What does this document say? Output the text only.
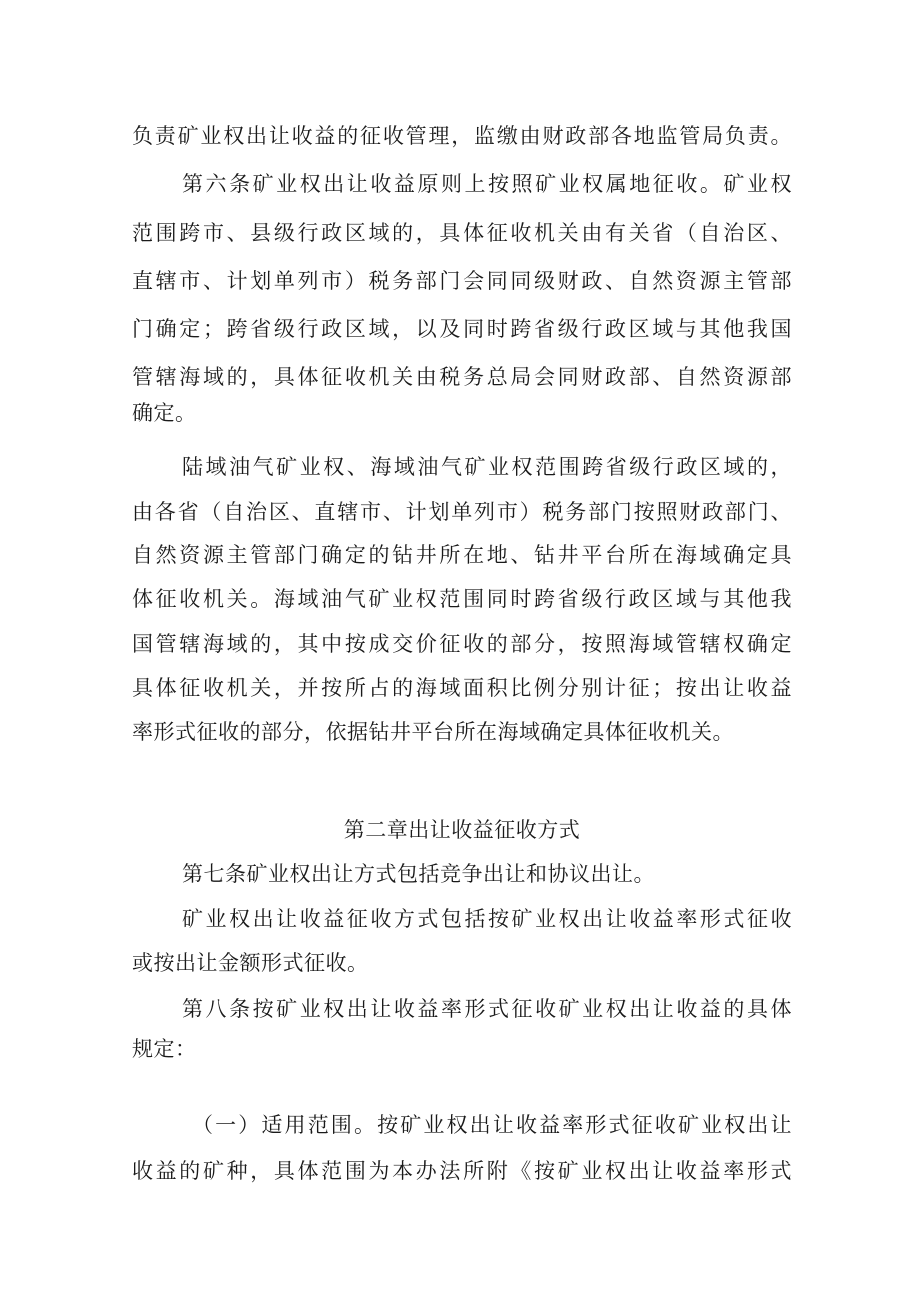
负责矿业权出让收益的征收管理，监缴由财政部各地监管局负责。
第六条矿业权出让收益原则上按照矿业权属地征收。矿业权
范围跨市、县级行政区域的，具体征收机关由有关省（自治区、
直辖市、计划单列市）税务部门会同同级财政、自然资源主管部
门确定；跨省级行政区域，以及同时跨省级行政区域与其他我国
管辖海域的，具体征收机关由税务总局会同财政部、自然资源部
确定。
陆域油气矿业权、海域油气矿业权范围跨省级行政区域的，
由各省（自治区、直辖市、计划单列市）税务部门按照财政部门、
自然资源主管部门确定的钻井所在地、钻井平台所在海域确定具
体征收机关。海域油气矿业权范围同时跨省级行政区域与其他我
国管辖海域的，其中按成交价征收的部分，按照海域管辖权确定
具体征收机关，并按所占的海域面积比例分别计征；按出让收益
率形式征收的部分，依据钻井平台所在海域确定具体征收机关。
第二章出让收益征收方式
第七条矿业权出让方式包括竞争出让和协议出让。
矿业权出让收益征收方式包括按矿业权出让收益率形式征收
或按出让金额形式征收。
第八条按矿业权出让收益率形式征收矿业权出让收益的具体
规定：
（一）适用范围。按矿业权出让收益率形式征收矿业权出让
收益的矿种，具体范围为本办法所附《按矿业权出让收益率形式
